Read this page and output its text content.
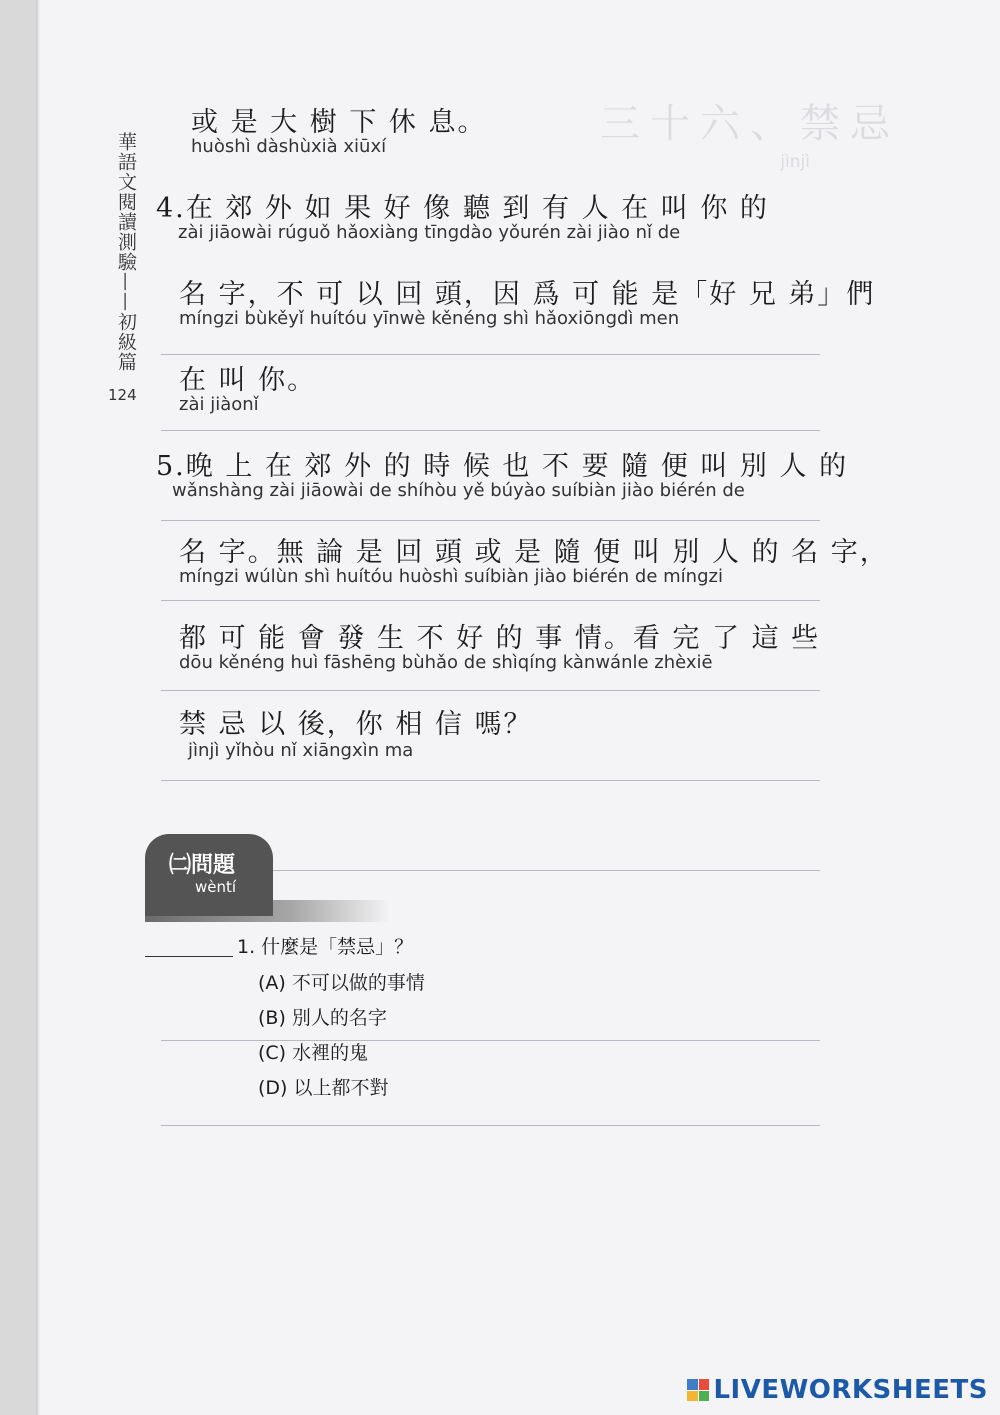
三十六、禁忌
jìnjì
華語文閱讀測驗——初級篇
124
或 是 大 樹 下 休 息。
huòshì dàshùxià xiūxí
4.在 郊 外 如 果 好 像 聽 到 有 人 在 叫 你 的
zài jiāowài rúguǒ hǎoxiàng tīngdào yǒurén zài jiào nǐ de
名 字，不 可 以 回 頭，因 爲 可 能 是「好 兄 弟」們
míngzi bùkěyǐ huítóu yīnwè kěnéng shì hǎoxiōngdì men
在 叫 你。
zài jiàonǐ
5.晚 上 在 郊 外 的 時 候 也 不 要 隨 便 叫 別 人 的
wǎnshàng zài jiāowài de shíhòu yě búyào suíbiàn jiào biérén de
名 字。無 論 是 回 頭 或 是 隨 便 叫 別 人 的 名 字，
míngzi wúlùn shì huítóu huòshì suíbiàn jiào biérén de míngzi
都 可 能 會 發 生 不 好 的 事 情。看 完 了 這 些
dōu kěnéng huì fāshēng bùhǎo de shìqíng kànwánle zhèxiē
禁 忌 以 後，你 相 信 嗎？
jìnjì yǐhòu nǐ xiāngxìn ma
㈡問題
wèntí
1. 什麼是「禁忌」？
(A) 不可以做的事情
(B) 別人的名字
(C) 水裡的鬼
(D) 以上都不對
LIVEWORKSHEETS
